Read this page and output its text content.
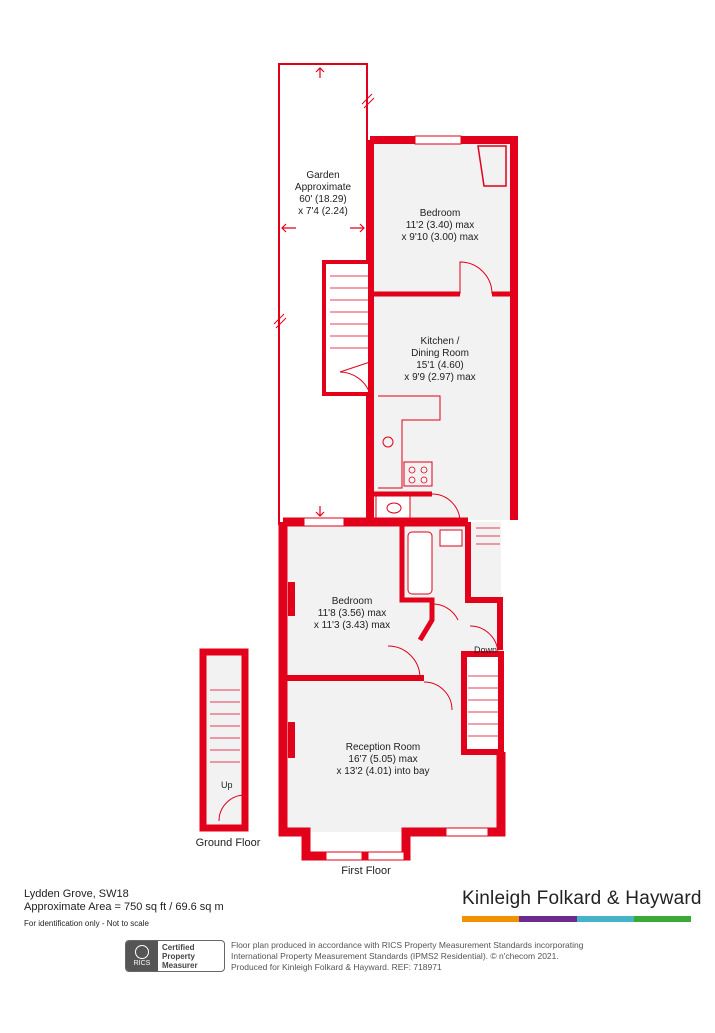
Garden
Approximate
60' (18.29)
x 7'4 (2.24)	Bedroom
11'2 (3.40) max
x 9'10 (3.00) max
Kitchen /
Dining Room
15'1 (4.60)
x 9'9 (2.97) max
Bedroom
11'8 (3.56) max
x 11'3 (3.43) max
Reception Room
16'7 (5.05) max
x 13'2 (4.01) into bay
Down
Up
Ground Floor
First Floor
Lydden Grove, SW18
Approximate Area = 750 sq ft / 69.6 sq m
For identification only - Not to scale
Kinleigh Folkard & Hayward
RICS
Certified
Property
Measurer
Floor plan produced in accordance with RICS Property Measurement Standards incorporating
International Property Measurement Standards (IPMS2 Residential). © n'checom 2021.
Produced for Kinleigh Folkard & Hayward. REF: 718971
